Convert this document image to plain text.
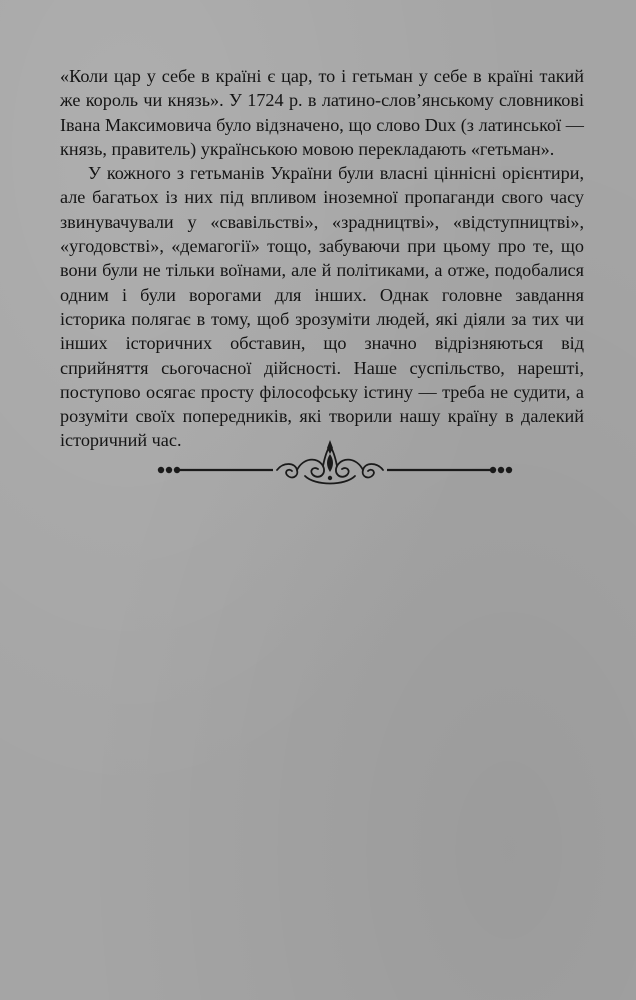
«Коли цар у себе в країні є цар, то і гетьман у себе в країні такий же король чи князь». У 1724 р. в латино-слов’янському словникові Івана Максимовича було відзначено, що слово Dux (з латинської — князь, правитель) українською мовою перекладають «гетьман».

У кожного з гетьманів України були власні ціннісні орієнтири, але багатьох із них під впливом іноземної пропаганди свого часу звинувачували у «свавільстві», «зрадництві», «відступництві», «угодовстві», «демагогії» тощо, забуваючи при цьому про те, що вони були не тільки воїнами, але й політиками, а отже, подобалися одним і були ворогами для інших. Однак головне завдання історика полягає в тому, щоб зрозуміти людей, які діяли за тих чи інших історичних обставин, що значно відрізняються від сприйняття сьогочасної дійсності. Наше суспільство, нарешті, поступово осягає просту філософську істину — треба не судити, а розуміти своїх попередників, які творили нашу країну в далекий історичний час.
